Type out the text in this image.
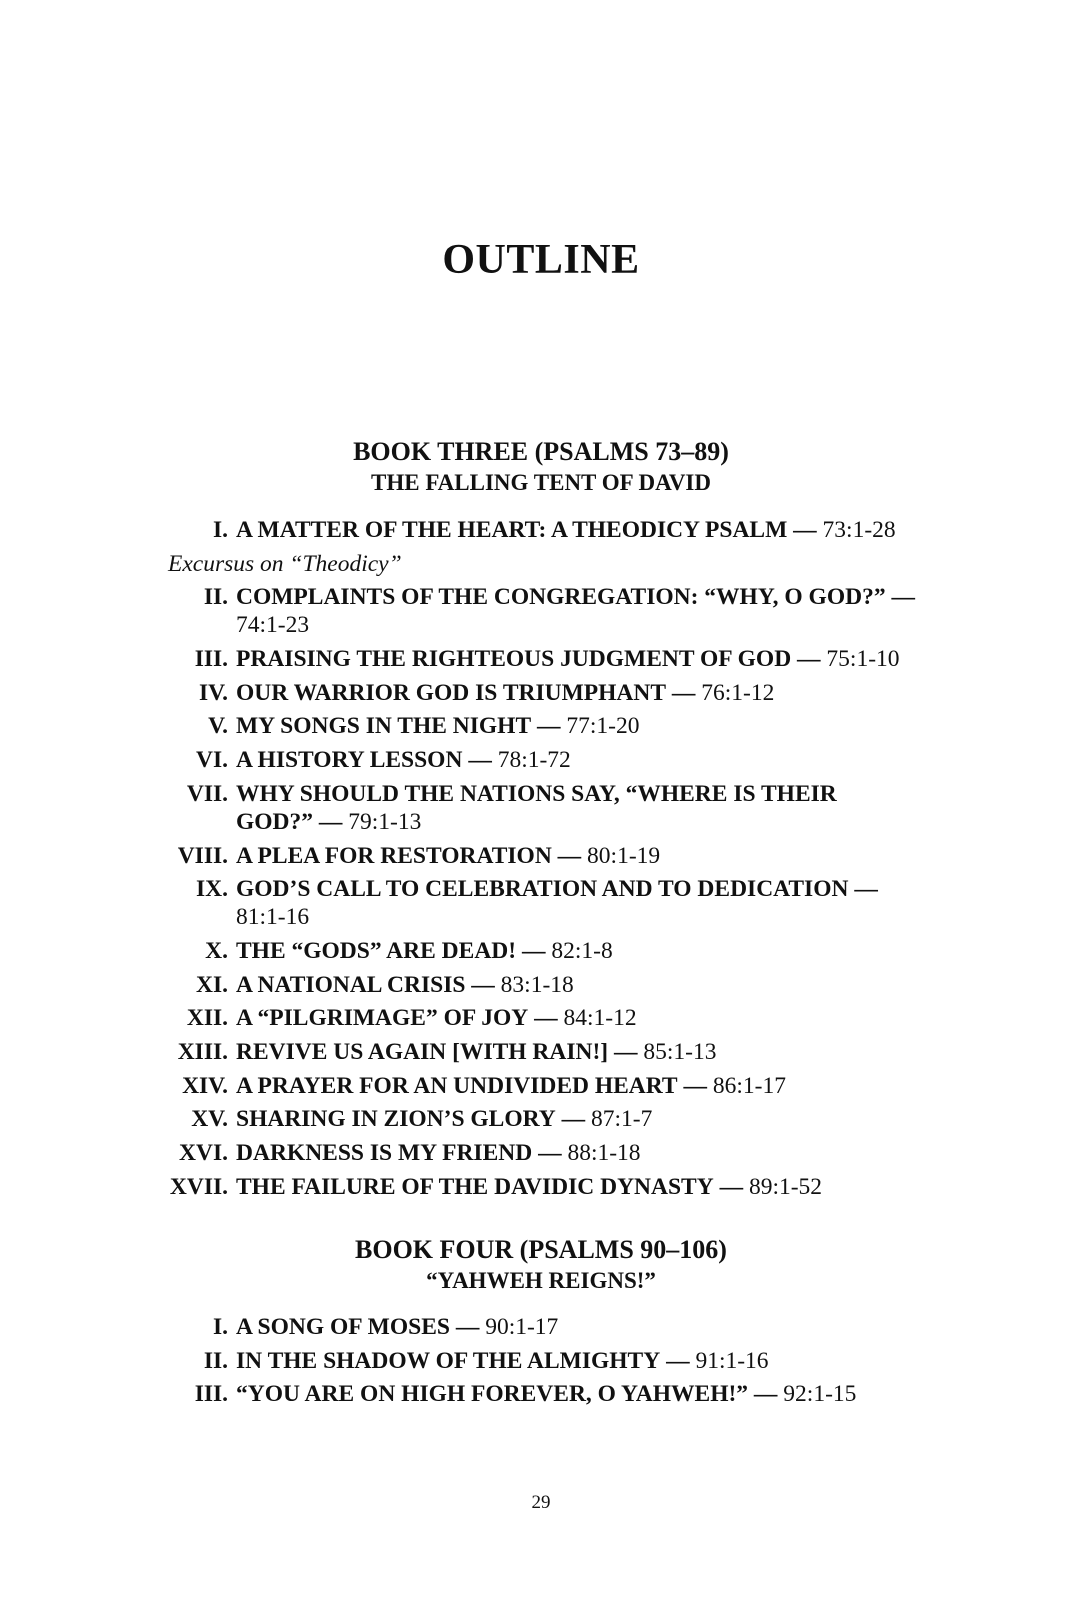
OUTLINE
BOOK THREE (PSALMS 73–89)
THE FALLING TENT OF DAVID
I. A MATTER OF THE HEART: A THEODICY PSALM — 73:1-28
Excursus on “Theodicy”
II. COMPLAINTS OF THE CONGREGATION: “WHY, O GOD?” — 74:1-23
III. PRAISING THE RIGHTEOUS JUDGMENT OF GOD — 75:1-10
IV. OUR WARRIOR GOD IS TRIUMPHANT — 76:1-12
V. MY SONGS IN THE NIGHT — 77:1-20
VI. A HISTORY LESSON — 78:1-72
VII. WHY SHOULD THE NATIONS SAY, “WHERE IS THEIR GOD?” — 79:1-13
VIII. A PLEA FOR RESTORATION — 80:1-19
IX. GOD’S CALL TO CELEBRATION AND TO DEDICATION — 81:1-16
X. THE “GODS” ARE DEAD! — 82:1-8
XI. A NATIONAL CRISIS — 83:1-18
XII. A “PILGRIMAGE” OF JOY — 84:1-12
XIII. REVIVE US AGAIN [WITH RAIN!] — 85:1-13
XIV. A PRAYER FOR AN UNDIVIDED HEART — 86:1-17
XV. SHARING IN ZION’S GLORY — 87:1-7
XVI. DARKNESS IS MY FRIEND — 88:1-18
XVII. THE FAILURE OF THE DAVIDIC DYNASTY — 89:1-52
BOOK FOUR (PSALMS 90–106)
“YAHWEH REIGNS!”
I. A SONG OF MOSES — 90:1-17
II. IN THE SHADOW OF THE ALMIGHTY — 91:1-16
III. “YOU ARE ON HIGH FOREVER, O YAHWEH!” — 92:1-15
29
